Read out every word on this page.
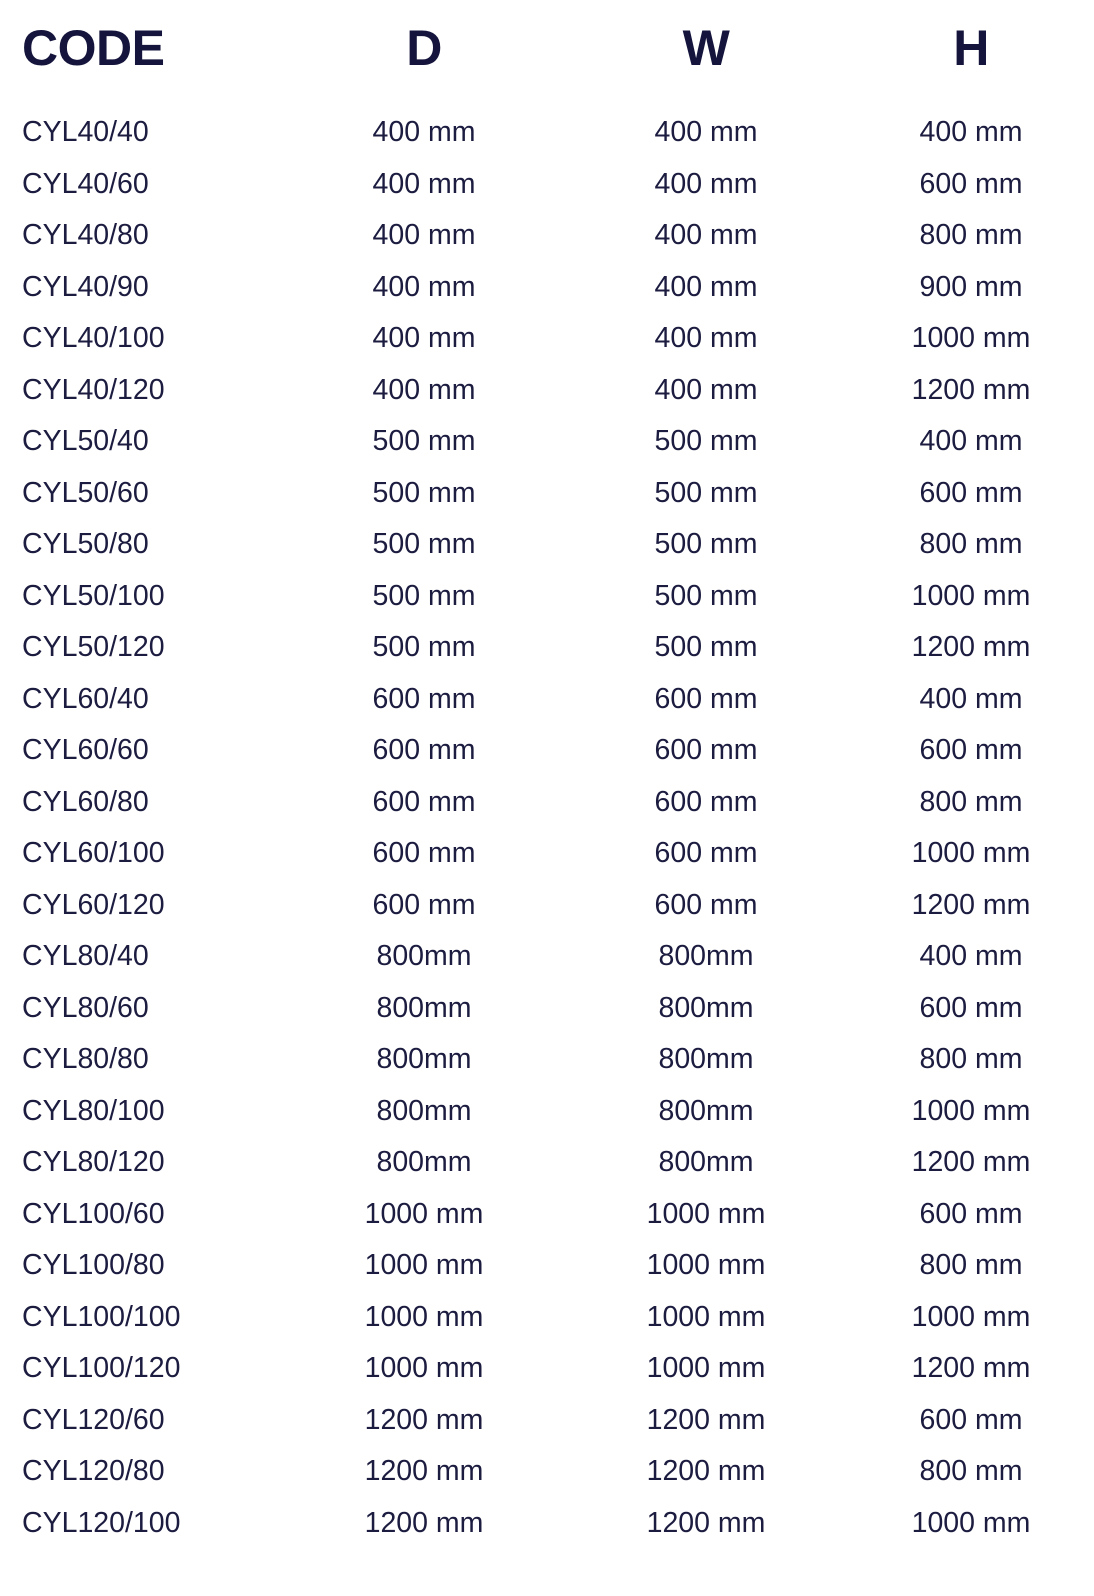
CODE	D	W	H
CYL40/40	400 mm	400 mm	400 mm
CYL40/60	400 mm	400 mm	600 mm
CYL40/80	400 mm	400 mm	800 mm
CYL40/90	400 mm	400 mm	900 mm
CYL40/100	400 mm	400 mm	1000 mm
CYL40/120	400 mm	400 mm	1200 mm
CYL50/40	500 mm	500 mm	400 mm
CYL50/60	500 mm	500 mm	600 mm
CYL50/80	500 mm	500 mm	800 mm
CYL50/100	500 mm	500 mm	1000 mm
CYL50/120	500 mm	500 mm	1200 mm
CYL60/40	600 mm	600 mm	400 mm
CYL60/60	600 mm	600 mm	600 mm
CYL60/80	600 mm	600 mm	800 mm
CYL60/100	600 mm	600 mm	1000 mm
CYL60/120	600 mm	600 mm	1200 mm
CYL80/40	800mm	800mm	400 mm
CYL80/60	800mm	800mm	600 mm
CYL80/80	800mm	800mm	800 mm
CYL80/100	800mm	800mm	1000 mm
CYL80/120	800mm	800mm	1200 mm
CYL100/60	1000 mm	1000 mm	600 mm
CYL100/80	1000 mm	1000 mm	800 mm
CYL100/100	1000 mm	1000 mm	1000 mm
CYL100/120	1000 mm	1000 mm	1200 mm
CYL120/60	1200 mm	1200 mm	600 mm
CYL120/80	1200 mm	1200 mm	800 mm
CYL120/100	1200 mm	1200 mm	1000 mm
